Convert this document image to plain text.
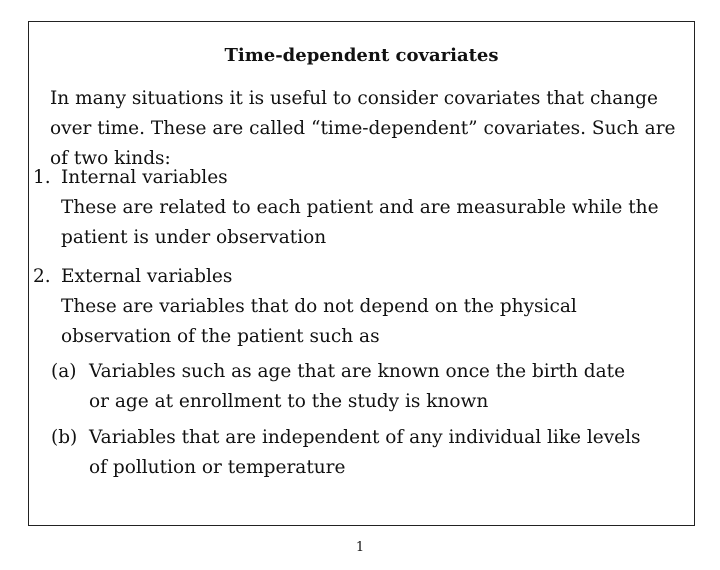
Time-dependent covariates

In many situations it is useful to consider covariates that change over time. These are called “time-dependent” covariates. Such are of two kinds:

1. Internal variables
These are related to each patient and are measurable while the patient is under observation
2. External variables
These are variables that do not depend on the physical observation of the patient such as
(a) Variables such as age that are known once the birth date or age at enrollment to the study is known
(b) Variables that are independent of any individual like levels of pollution or temperature
1
